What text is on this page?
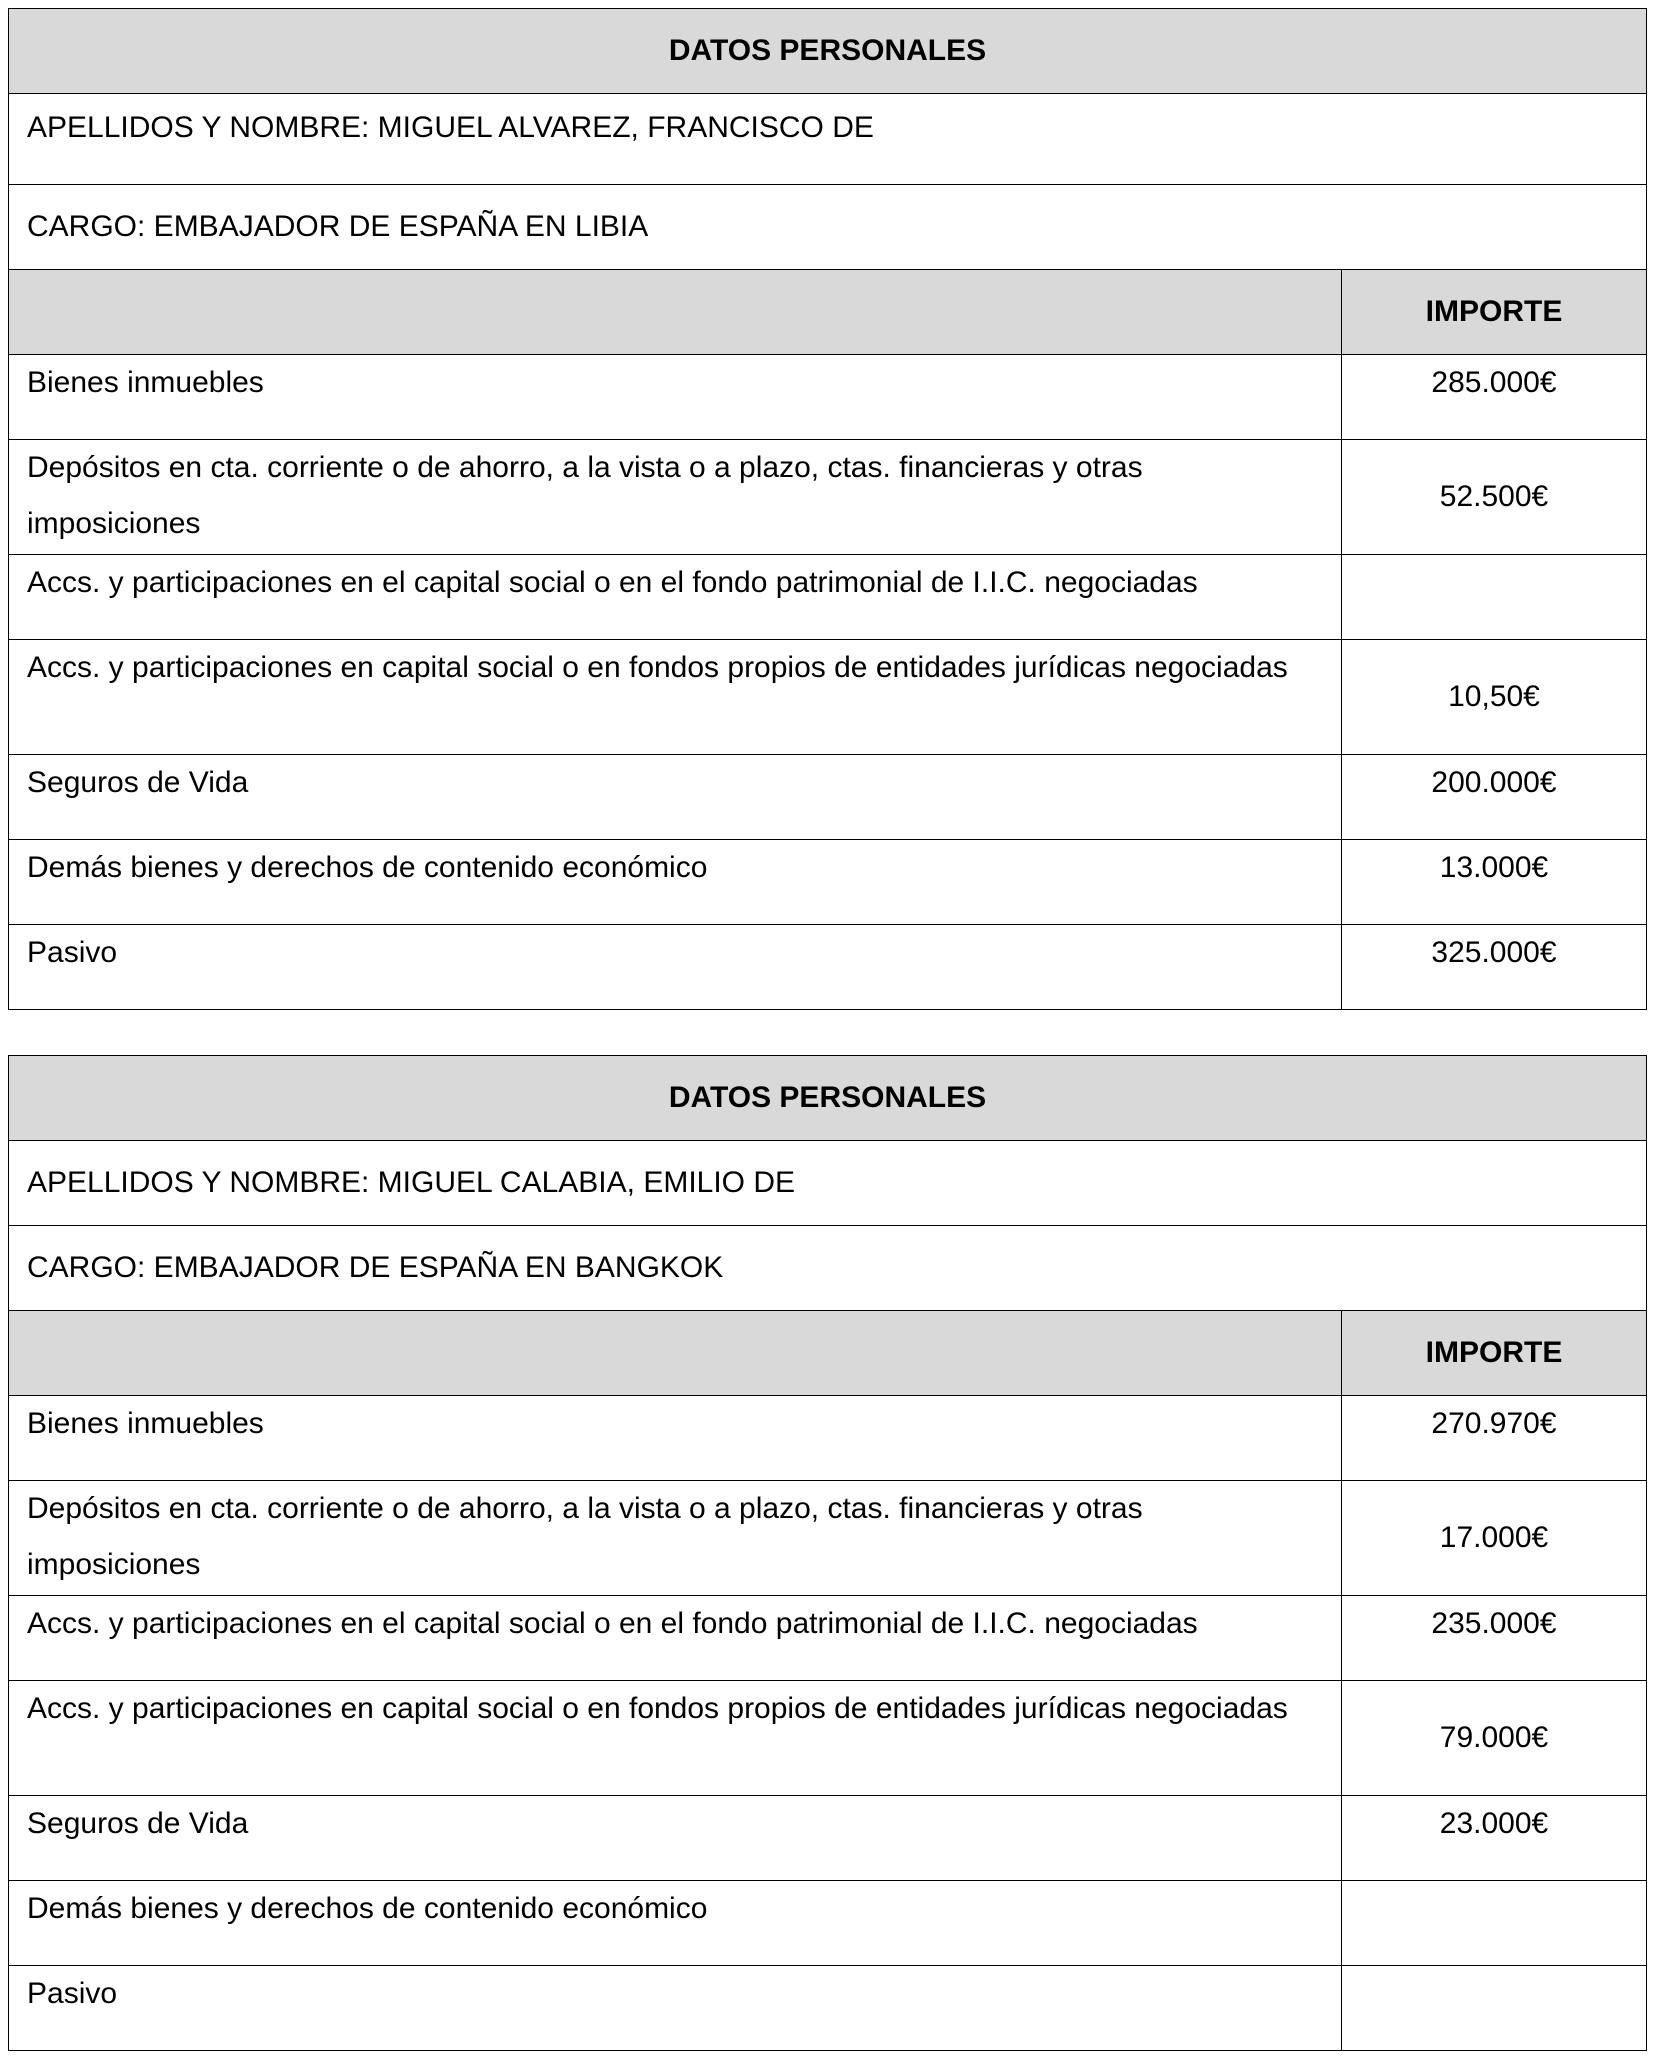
DATOS PERSONALES	
APELLIDOS Y NOMBRE: MIGUEL ALVAREZ, FRANCISCO DE	
CARGO: EMBAJADOR DE ESPAÑA EN LIBIA	
	IMPORTE
Bienes inmuebles	285.000€
Depósitos en cta. corriente o de ahorro, a la vista o a plazo, ctas. financieras y otras imposiciones	52.500€
Accs. y participaciones en el capital social o en el fondo patrimonial de I.I.C. negociadas	
Accs. y participaciones en capital social o en fondos propios de entidades jurídicas negociadas	10,50€
Seguros de Vida	200.000€
Demás bienes y derechos de contenido económico	13.000€
Pasivo	325.000€
DATOS PERSONALES	
APELLIDOS Y NOMBRE: MIGUEL CALABIA, EMILIO DE	
CARGO: EMBAJADOR DE ESPAÑA EN BANGKOK	
	IMPORTE
Bienes inmuebles	270.970€
Depósitos en cta. corriente o de ahorro, a la vista o a plazo, ctas. financieras y otras imposiciones	17.000€
Accs. y participaciones en el capital social o en el fondo patrimonial de I.I.C. negociadas	235.000€
Accs. y participaciones en capital social o en fondos propios de entidades jurídicas negociadas	79.000€
Seguros de Vida	23.000€
Demás bienes y derechos de contenido económico	
Pasivo	
